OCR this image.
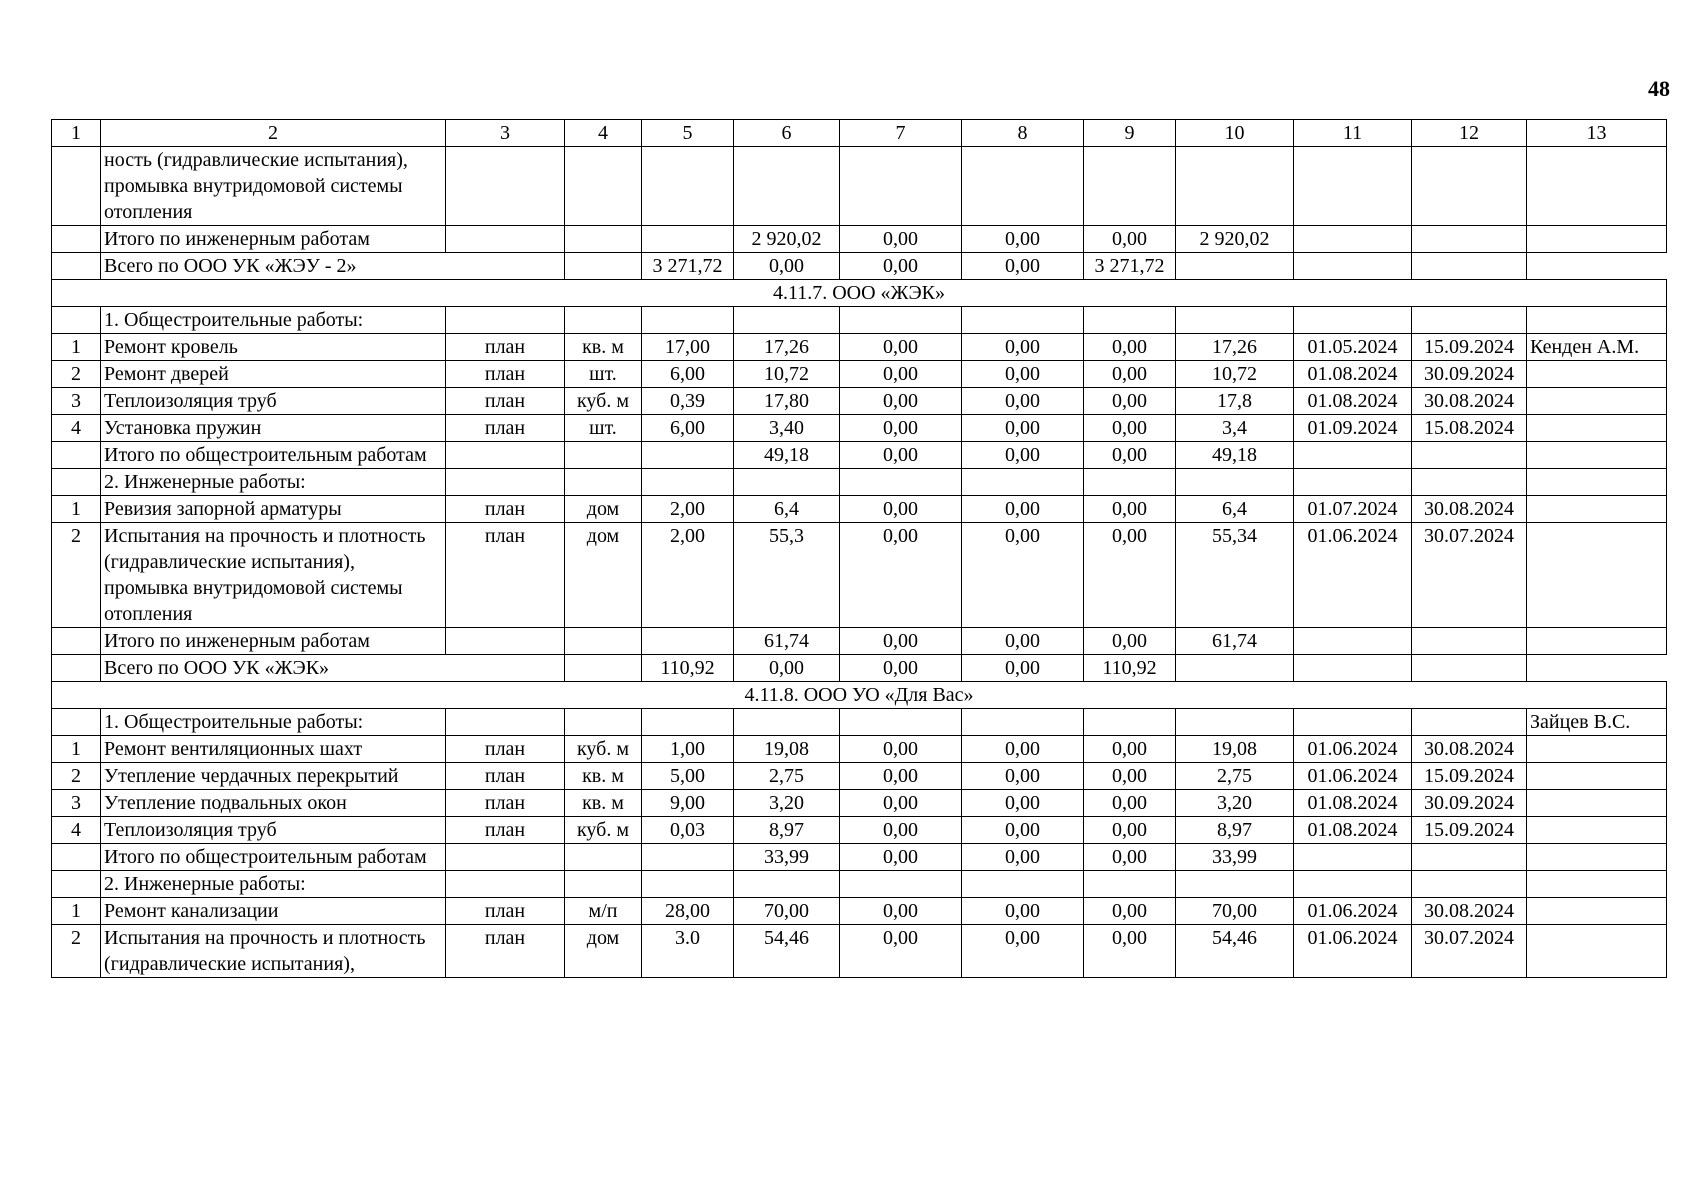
48
1	2	3	4	5	6	7	8	9	10	11	12	13
	ность (гидравлические испытания), промывка внутридомовой системы отопления											
	Итого по инженерным работам				2 920,02	0,00	0,00	0,00	2 920,02			
	Всего по ООО УК «ЖЭУ - 2»			3 271,72	0,00	0,00	0,00	3 271,72				
4.11.7. ООО «ЖЭК»												
	1. Общестроительные работы:											
1	Ремонт кровель	план	кв. м	17,00	17,26	0,00	0,00	0,00	17,26	01.05.2024	15.09.2024	Кенден А.М.
2	Ремонт дверей	план	шт.	6,00	10,72	0,00	0,00	0,00	10,72	01.08.2024	30.09.2024	
3	Теплоизоляция труб	план	куб. м	0,39	17,80	0,00	0,00	0,00	17,8	01.08.2024	30.08.2024	
4	Установка пружин	план	шт.	6,00	3,40	0,00	0,00	0,00	3,4	01.09.2024	15.08.2024	
	Итого по общестроительным работам				49,18	0,00	0,00	0,00	49,18			
	2. Инженерные работы:											
1	Ревизия запорной арматуры	план	дом	2,00	6,4	0,00	0,00	0,00	6,4	01.07.2024	30.08.2024	
2	Испытания на прочность и плотность (гидравлические испытания), промывка внутридомовой системы отопления	план	дом	2,00	55,3	0,00	0,00	0,00	55,34	01.06.2024	30.07.2024	
	Итого по инженерным работам				61,74	0,00	0,00	0,00	61,74			
	Всего по ООО УК «ЖЭК»			110,92	0,00	0,00	0,00	110,92				
4.11.8. ООО УО «Для Вас»												
	1. Общестроительные работы:											Зайцев В.С.
1	Ремонт вентиляционных шахт	план	куб. м	1,00	19,08	0,00	0,00	0,00	19,08	01.06.2024	30.08.2024	
2	Утепление чердачных перекрытий	план	кв. м	5,00	2,75	0,00	0,00	0,00	2,75	01.06.2024	15.09.2024	
3	Утепление подвальных окон	план	кв. м	9,00	3,20	0,00	0,00	0,00	3,20	01.08.2024	30.09.2024	
4	Теплоизоляция труб	план	куб. м	0,03	8,97	0,00	0,00	0,00	8,97	01.08.2024	15.09.2024	
	Итого по общестроительным работам				33,99	0,00	0,00	0,00	33,99			
	2. Инженерные работы:											
1	Ремонт канализации	план	м/п	28,00	70,00	0,00	0,00	0,00	70,00	01.06.2024	30.08.2024	
2	Испытания на прочность и плотность (гидравлические испытания),	план	дом	3.0	54,46	0,00	0,00	0,00	54,46	01.06.2024	30.07.2024	
